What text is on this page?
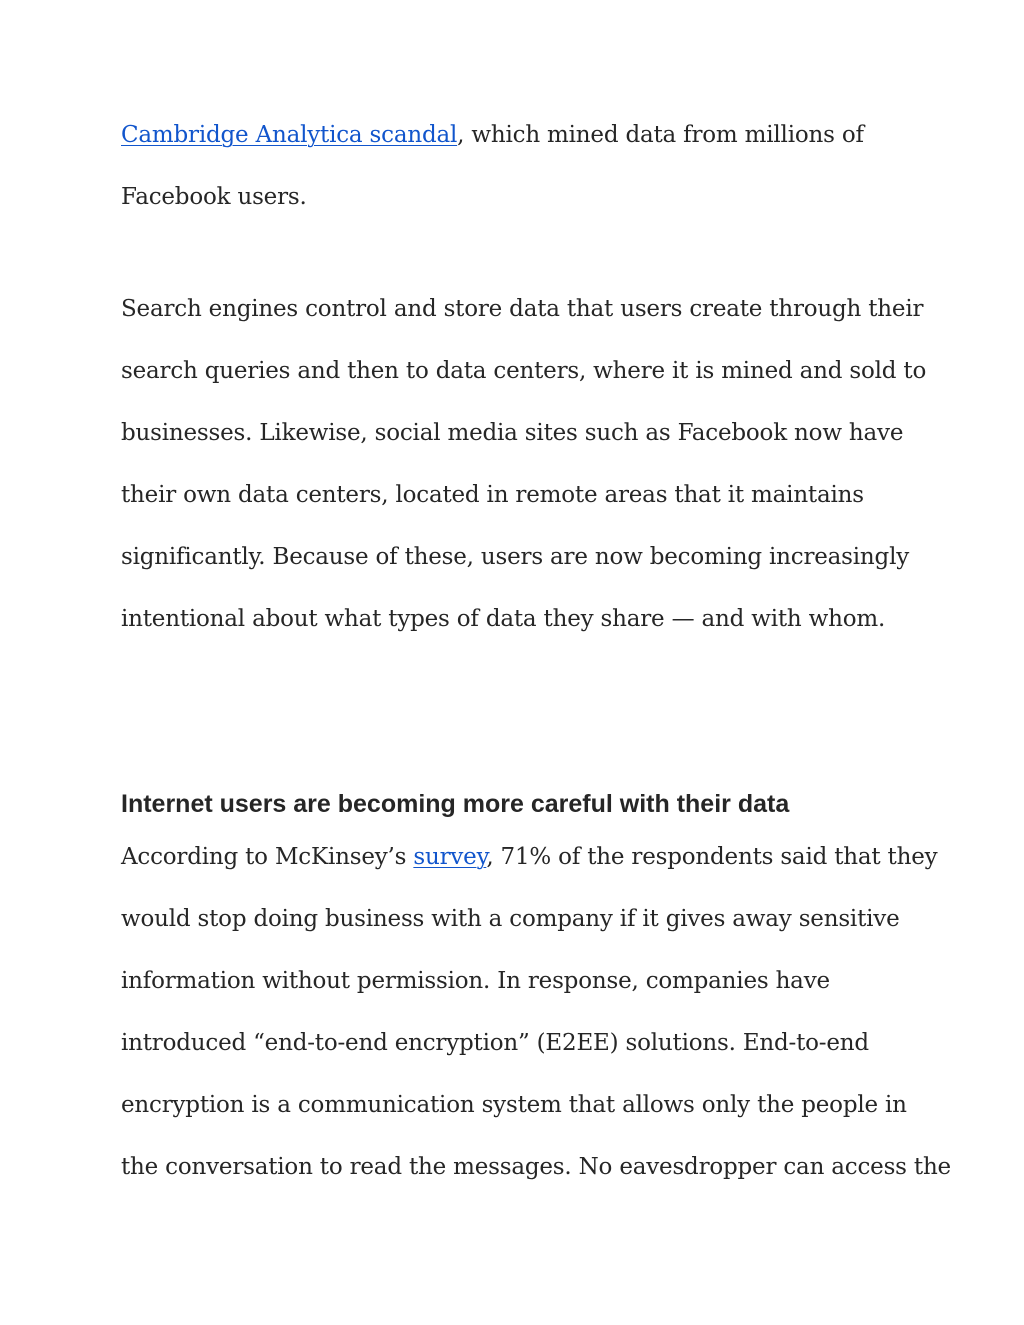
Cambridge Analytica scandal, which mined data from millions of
Facebook users.

Search engines control and store data that users create through their
search queries and then to data centers, where it is mined and sold to
businesses. Likewise, social media sites such as Facebook now have
their own data centers, located in remote areas that it maintains
significantly. Because of these, users are now becoming increasingly
intentional about what types of data they share — and with whom.

Internet users are becoming more careful with their data

According to McKinsey’s survey, 71% of the respondents said that they
would stop doing business with a company if it gives away sensitive
information without permission. In response, companies have
introduced “end-to-end encryption” (E2EE) solutions. End-to-end
encryption is a communication system that allows only the people in
the conversation to read the messages. No eavesdropper can access the
